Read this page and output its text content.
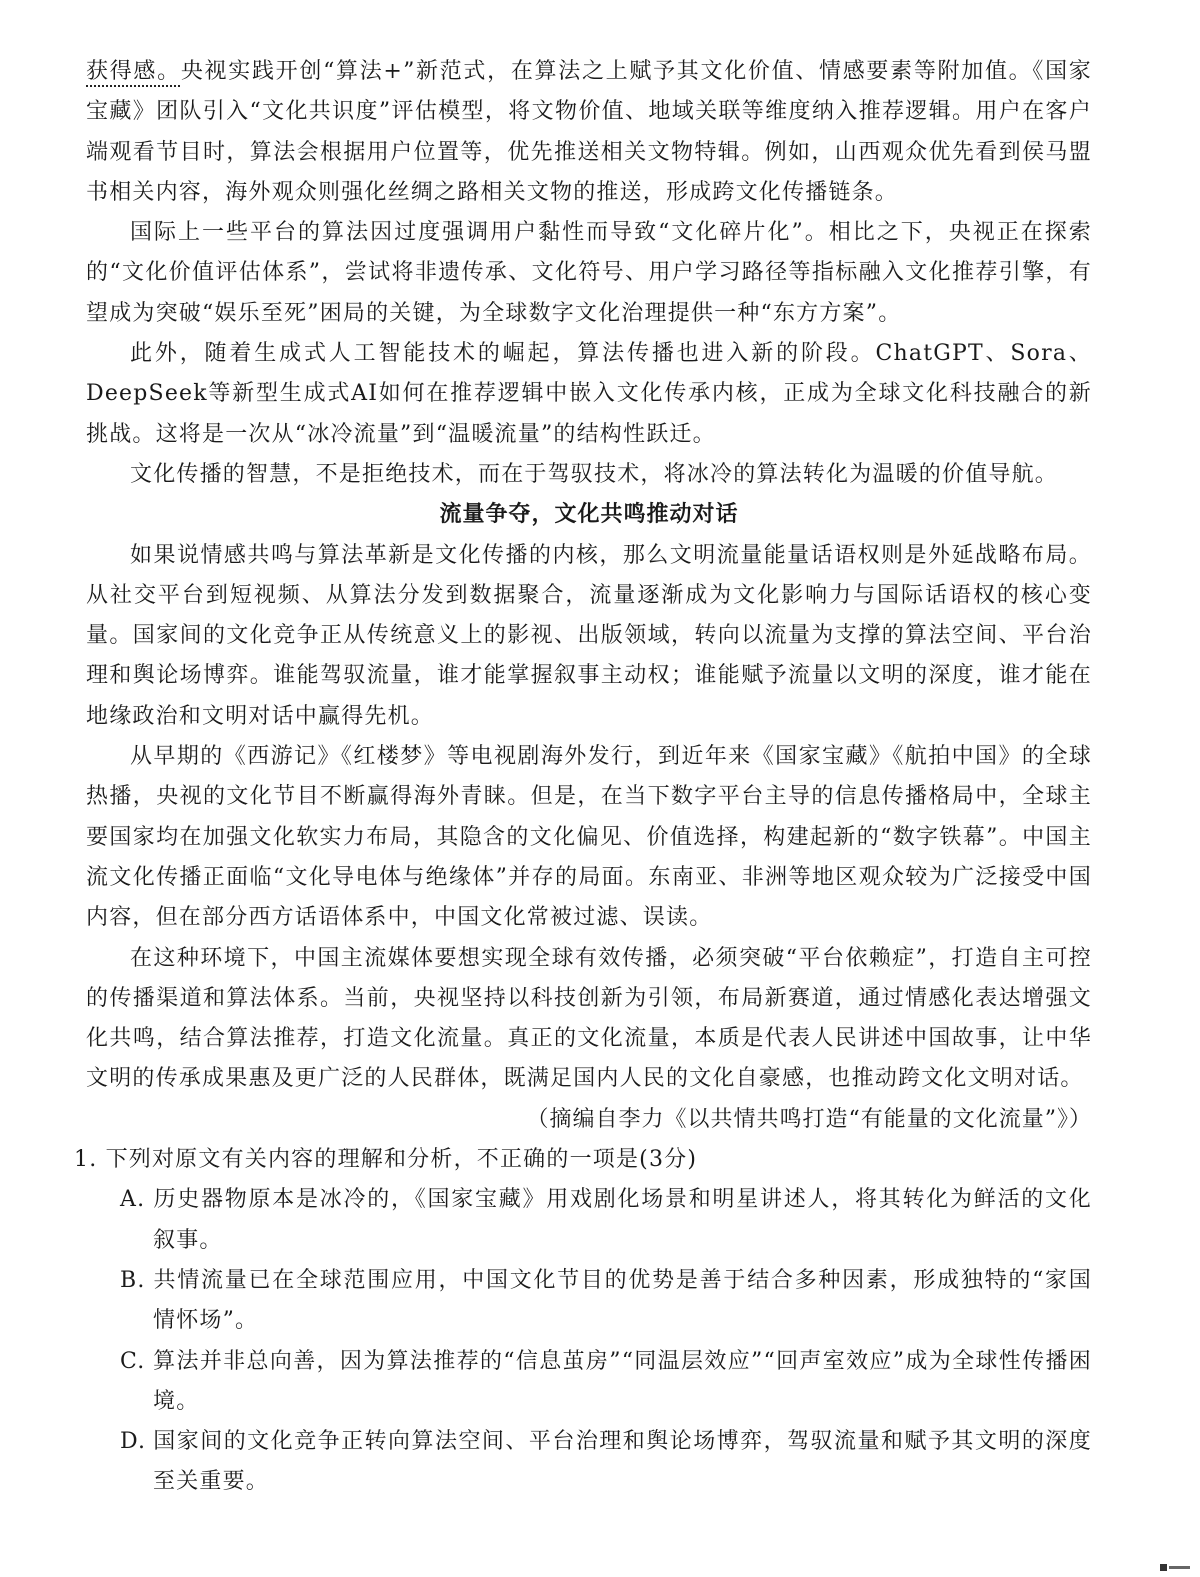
获得感。央视实践开创“算法+”新范式，在算法之上赋予其文化价值、情感要素等附加值。《国家宝藏》团队引入“文化共识度”评估模型，将文物价值、地域关联等维度纳入推荐逻辑。用户在客户端观看节目时，算法会根据用户位置等，优先推送相关文物特辑。例如，山西观众优先看到侯马盟书相关内容，海外观众则强化丝绸之路相关文物的推送，形成跨文化传播链条。

国际上一些平台的算法因过度强调用户黏性而导致“文化碎片化”。相比之下，央视正在探索的“文化价值评估体系”，尝试将非遗传承、文化符号、用户学习路径等指标融入文化推荐引擎，有望成为突破“娱乐至死”困局的关键，为全球数字文化治理提供一种“东方方案”。

此外，随着生成式人工智能技术的崛起，算法传播也进入新的阶段。ChatGPT、Sora、DeepSeek等新型生成式AI如何在推荐逻辑中嵌入文化传承内核，正成为全球文化科技融合的新挑战。这将是一次从“冰冷流量”到“温暖流量”的结构性跃迁。

文化传播的智慧，不是拒绝技术，而在于驾驭技术，将冰冷的算法转化为温暖的价值导航。

流量争夺，文化共鸣推动对话

如果说情感共鸣与算法革新是文化传播的内核，那么文明流量能量话语权则是外延战略布局。从社交平台到短视频、从算法分发到数据聚合，流量逐渐成为文化影响力与国际话语权的核心变量。国家间的文化竞争正从传统意义上的影视、出版领域，转向以流量为支撑的算法空间、平台治理和舆论场博弈。谁能驾驭流量，谁才能掌握叙事主动权；谁能赋予流量以文明的深度，谁才能在地缘政治和文明对话中赢得先机。

从早期的《西游记》《红楼梦》等电视剧海外发行，到近年来《国家宝藏》《航拍中国》的全球热播，央视的文化节目不断赢得海外青睐。但是，在当下数字平台主导的信息传播格局中，全球主要国家均在加强文化软实力布局，其隐含的文化偏见、价值选择，构建起新的“数字铁幕”。中国主流文化传播正面临“文化导电体与绝缘体”并存的局面。东南亚、非洲等地区观众较为广泛接受中国内容，但在部分西方话语体系中，中国文化常被过滤、误读。

在这种环境下，中国主流媒体要想实现全球有效传播，必须突破“平台依赖症”，打造自主可控的传播渠道和算法体系。当前，央视坚持以科技创新为引领，布局新赛道，通过情感化表达增强文化共鸣，结合算法推荐，打造文化流量。真正的文化流量，本质是代表人民讲述中国故事，让中华文明的传承成果惠及更广泛的人民群体，既满足国内人民的文化自豪感，也推动跨文化文明对话。

（摘编自李力《以共情共鸣打造“有能量的文化流量”》）

1. 下列对原文有关内容的理解和分析，不正确的一项是(3分)

A. 历史器物原本是冰冷的，《国家宝藏》用戏剧化场景和明星讲述人，将其转化为鲜活的文化叙事。

B. 共情流量已在全球范围应用，中国文化节目的优势是善于结合多种因素，形成独特的“家国情怀场”。

C. 算法并非总向善，因为算法推荐的“信息茧房”“同温层效应”“回声室效应”成为全球性传播困境。

D. 国家间的文化竞争正转向算法空间、平台治理和舆论场博弈，驾驭流量和赋予其文明的深度至关重要。
